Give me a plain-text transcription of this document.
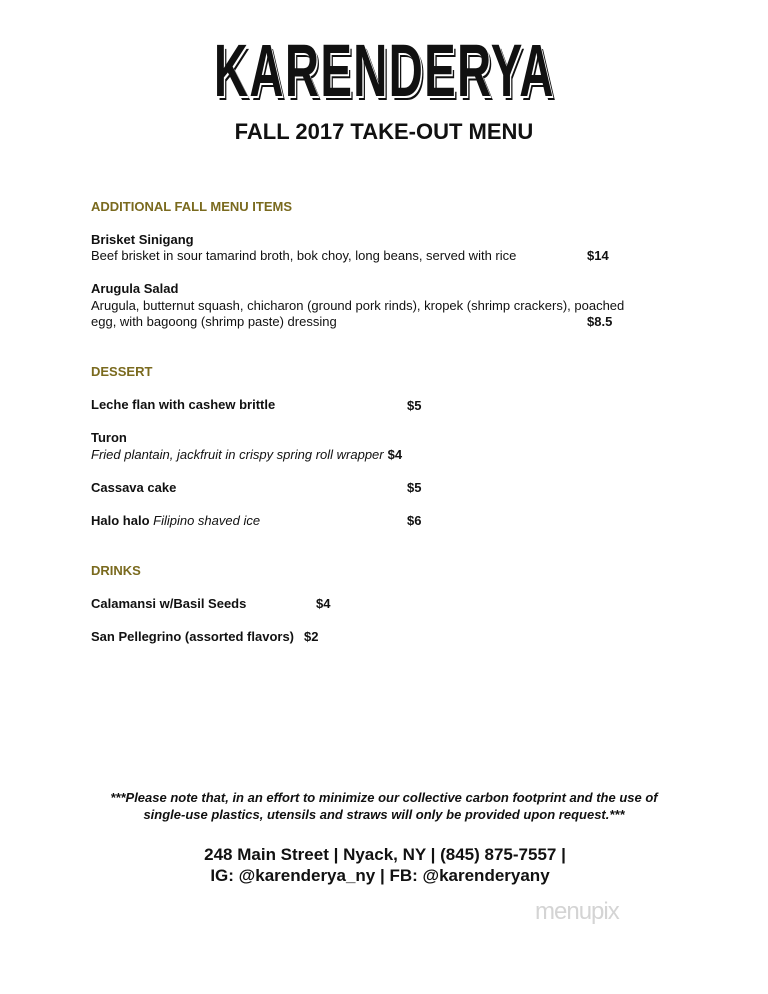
KARENDERYA
FALL 2017 TAKE-OUT MENU
ADDITIONAL FALL MENU ITEMS
Brisket Sinigang
Beef brisket in sour tamarind broth, bok choy, long beans, served with rice	$14
Arugula Salad
Arugula, butternut squash, chicharon (ground pork rinds), kropek (shrimp crackers), poached
egg, with bagoong (shrimp paste) dressing	$8.5
DESSERT
Leche flan with cashew brittle	$5
Turon
Fried plantain, jackfruit in crispy spring roll wrapper $4
Cassava cake	$5
Halo halo Filipino shaved ice	$6
DRINKS
Calamansi w/Basil Seeds	$4
San Pellegrino (assorted flavors) $2
***Please note that, in an effort to minimize our collective carbon footprint and the use of
single-use plastics, utensils and straws will only be provided upon request.***
248 Main Street | Nyack, NY | (845) 875-7557 |
IG: @karenderya_ny | FB: @karenderyany
menupix
